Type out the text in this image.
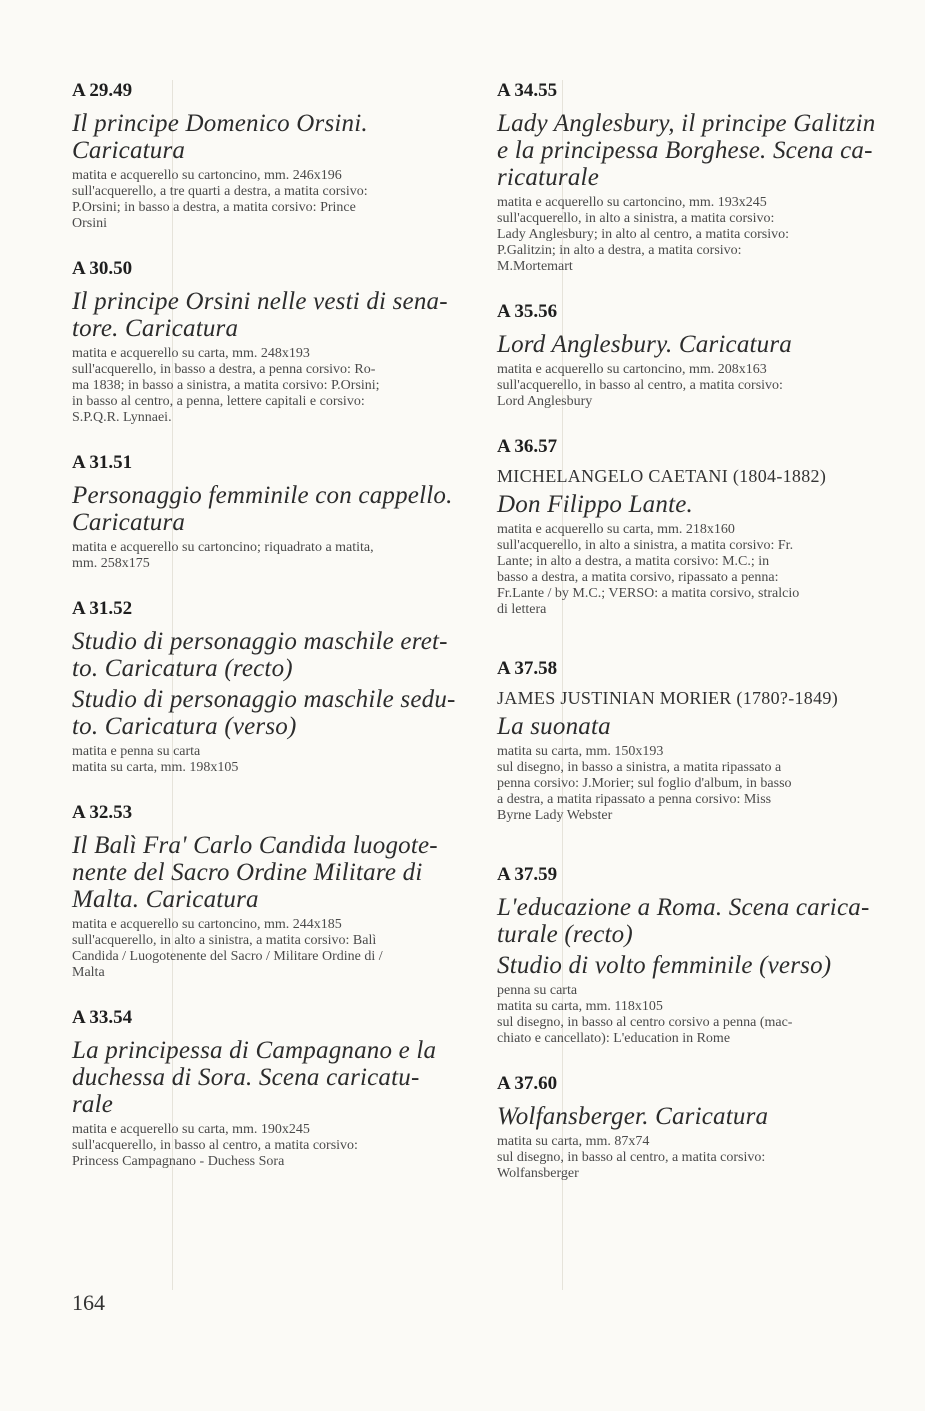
A 29.49
Il principe Domenico Orsini.
Caricatura
matita e acquerello su cartoncino, mm. 246x196
sull'acquerello, a tre quarti a destra, a matita corsivo:
P.Orsini; in basso a destra, a matita corsivo: Prince
Orsini
A 30.50
Il principe Orsini nelle vesti di sena-
tore. Caricatura
matita e acquerello su carta, mm. 248x193
sull'acquerello, in basso a destra, a penna corsivo: Ro-
ma 1838; in basso a sinistra, a matita corsivo: P.Orsini;
in basso al centro, a penna, lettere capitali e corsivo:
S.P.Q.R. Lynnaei.
A 31.51
Personaggio femminile con cappello.
Caricatura
matita e acquerello su cartoncino; riquadrato a matita,
mm. 258x175
A 31.52
Studio di personaggio maschile eret-
to. Caricatura (recto)
Studio di personaggio maschile sedu-
to. Caricatura (verso)
matita e penna su carta
matita su carta, mm. 198x105
A 32.53
Il Balì Fra' Carlo Candida luogote-
nente del Sacro Ordine Militare di
Malta. Caricatura
matita e acquerello su cartoncino, mm. 244x185
sull'acquerello, in alto a sinistra, a matita corsivo: Balì
Candida / Luogotenente del Sacro / Militare Ordine di /
Malta
A 33.54
La principessa di Campagnano e la
duchessa di Sora. Scena caricatu-
rale
matita e acquerello su carta, mm. 190x245
sull'acquerello, in basso al centro, a matita corsivo:
Princess Campagnano - Duchess Sora
A 34.55
Lady Anglesbury, il principe Galitzin
e la principessa Borghese. Scena ca-
ricaturale
matita e acquerello su cartoncino, mm. 193x245
sull'acquerello, in alto a sinistra, a matita corsivo:
Lady Anglesbury; in alto al centro, a matita corsivo:
P.Galitzin; in alto a destra, a matita corsivo:
M.Mortemart
A 35.56
Lord Anglesbury. Caricatura
matita e acquerello su cartoncino, mm. 208x163
sull'acquerello, in basso al centro, a matita corsivo:
Lord Anglesbury
A 36.57
MICHELANGELO CAETANI (1804-1882)
Don Filippo Lante.
matita e acquerello su carta, mm. 218x160
sull'acquerello, in alto a sinistra, a matita corsivo: Fr.
Lante; in alto a destra, a matita corsivo: M.C.; in
basso a destra, a matita corsivo, ripassato a penna:
Fr.Lante / by M.C.; VERSO: a matita corsivo, stralcio
di lettera
A 37.58
JAMES JUSTINIAN MORIER (1780?-1849)
La suonata
matita su carta, mm. 150x193
sul disegno, in basso a sinistra, a matita ripassato a
penna corsivo: J.Morier; sul foglio d'album, in basso
a destra, a matita ripassato a penna corsivo: Miss
Byrne Lady Webster
A 37.59
L'educazione a Roma. Scena carica-
turale (recto)
Studio di volto femminile (verso)
penna su carta
matita su carta, mm. 118x105
sul disegno, in basso al centro corsivo a penna (mac-
chiato e cancellato): L'education in Rome
A 37.60
Wolfansberger. Caricatura
matita su carta, mm. 87x74
sul disegno, in basso al centro, a matita corsivo:
Wolfansberger
164
